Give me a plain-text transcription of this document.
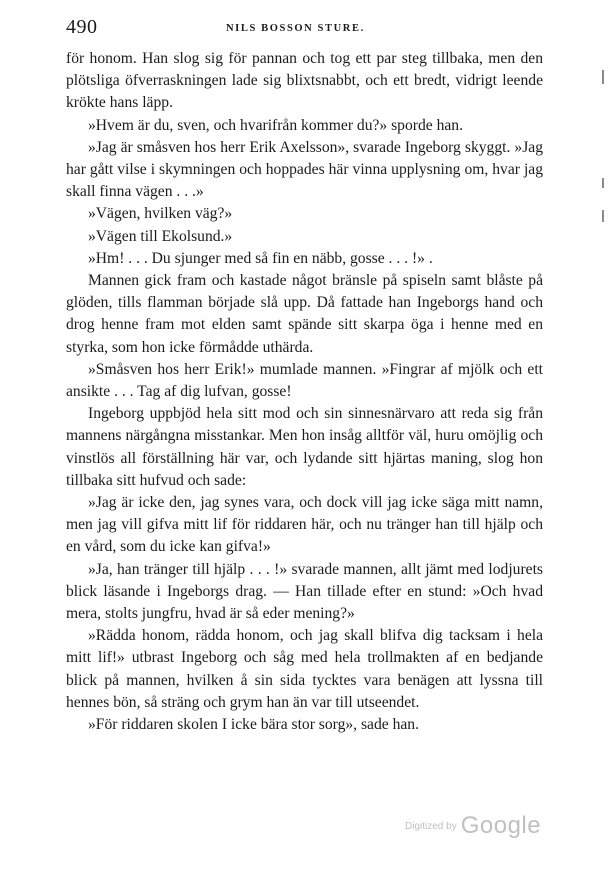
490	NILS BOSSON STURE.

för honom. Han slog sig för pannan och tog ett par steg tillbaka, men den plötsliga öfverraskningen lade sig blixtsnabbt, och ett bredt, vidrigt leende krökte hans läpp.

»Hvem är du, sven, och hvarifrån kommer du?» sporde han.

»Jag är småsven hos herr Erik Axelsson», svarade Ingeborg skyggt. »Jag har gått vilse i skymningen och hoppades här vinna upplysning om, hvar jag skall finna vägen . . .»

»Vägen, hvilken väg?»

»Vägen till Ekolsund.»

»Hm! . . . Du sjunger med så fin en näbb, gosse . . . !» .

Mannen gick fram och kastade något bränsle på spiseln samt blåste på glöden, tills flamman började slå upp. Då fattade han Ingeborgs hand och drog henne fram mot elden samt spände sitt skarpa öga i henne med en styrka, som hon icke förmådde uthärda.

»Småsven hos herr Erik!» mumlade mannen. »Fingrar af mjölk och ett ansikte . . . Tag af dig lufvan, gosse!

Ingeborg uppbjöd hela sitt mod och sin sinnesnärvaro att reda sig från mannens närgångna misstankar. Men hon insåg alltför väl, huru omöjlig och vinstlös all förställning här var, och lydande sitt hjärtas maning, slog hon tillbaka sitt hufvud och sade:

»Jag är icke den, jag synes vara, och dock vill jag icke säga mitt namn, men jag vill gifva mitt lif för riddaren här, och nu tränger han till hjälp och en vård, som du icke kan gifva!»

»Ja, han tränger till hjälp . . . !» svarade mannen, allt jämt med lodjurets blick läsande i Ingeborgs drag. — Han tillade efter en stund: »Och hvad mera, stolts jungfru, hvad är så eder mening?»

»Rädda honom, rädda honom, och jag skall blifva dig tacksam i hela mitt lif!» utbrast Ingeborg och såg med hela trollmakten af en bedjande blick på mannen, hvilken å sin sida tycktes vara benägen att lyssna till hennes bön, så sträng och grym han än var till utseendet.

»För riddaren skolen I icke bära stor sorg», sade han.

$^{Digitized by}$ Google
